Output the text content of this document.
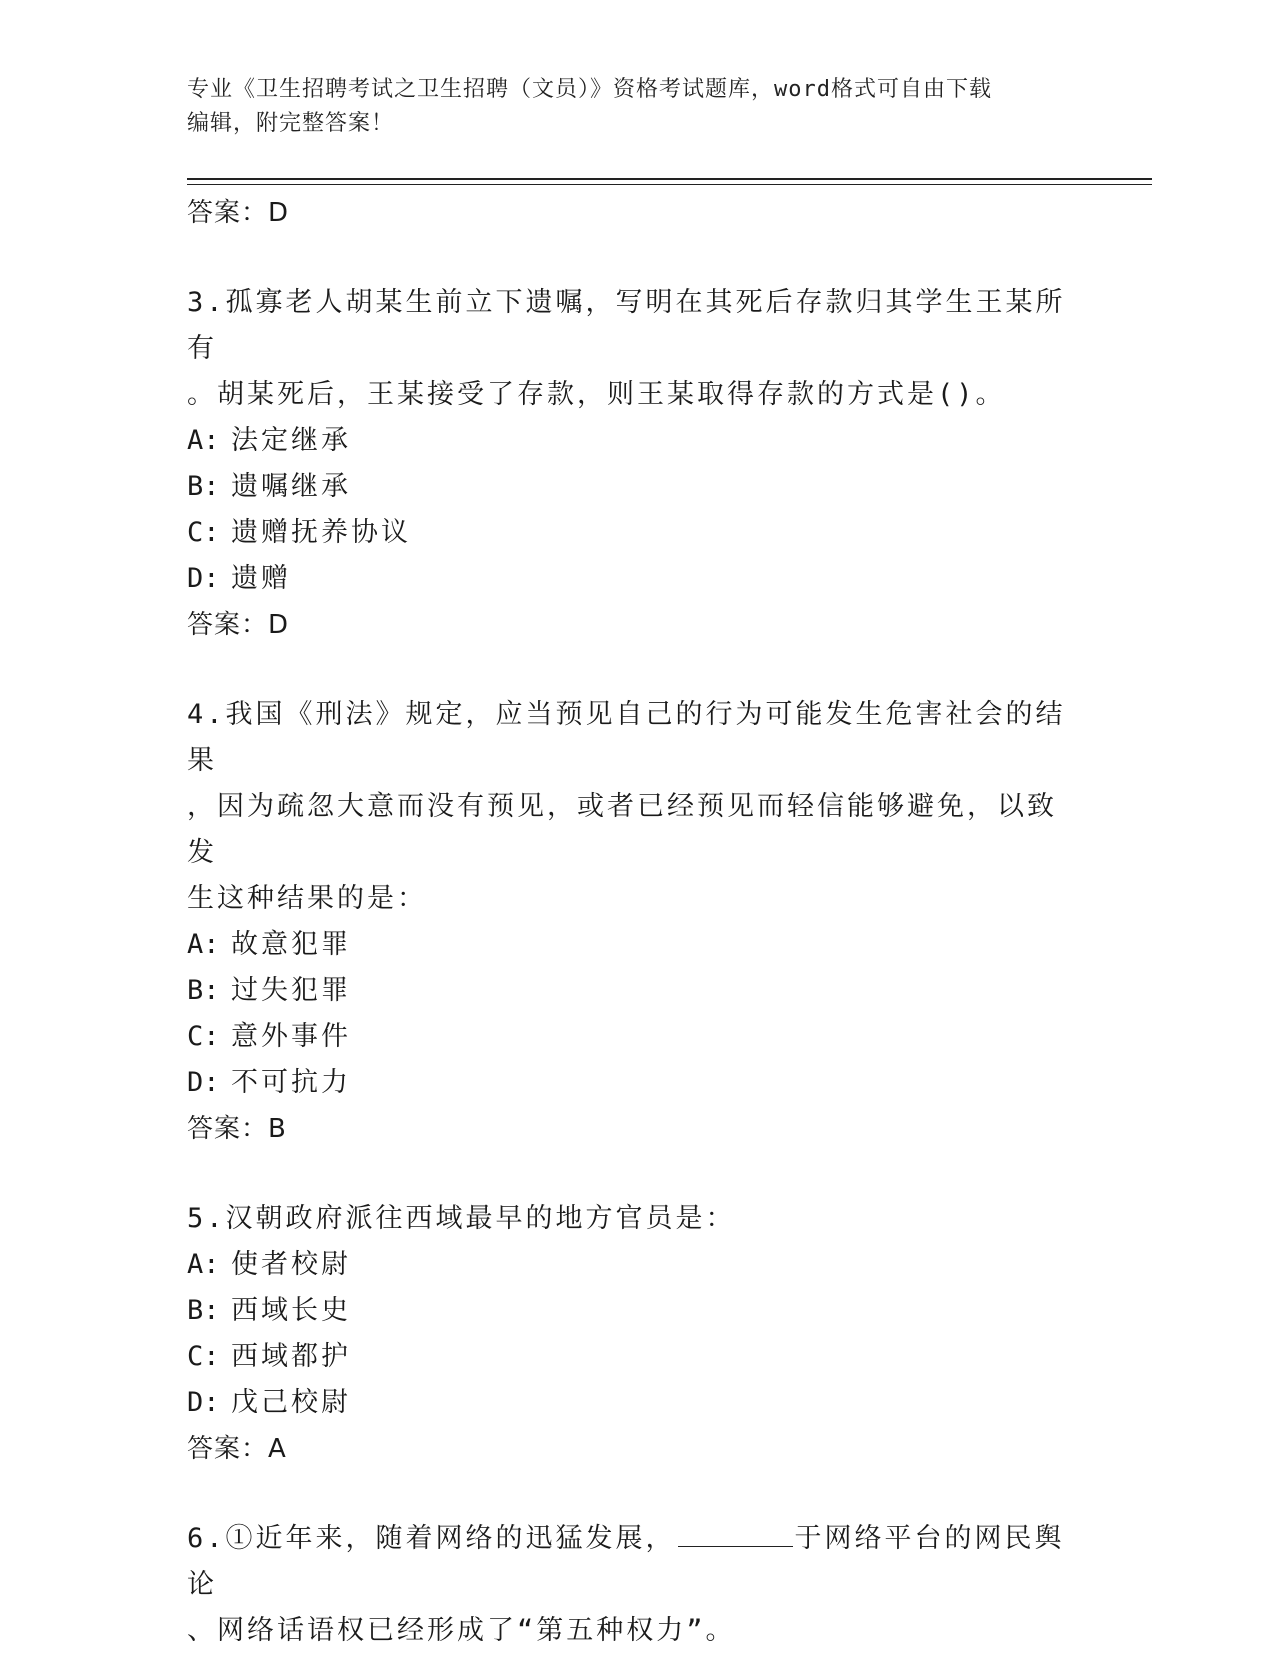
专业《卫生招聘考试之卫生招聘（文员）》资格考试题库，word格式可自由下载
编辑，附完整答案！

答案：D

3.孤寡老人胡某生前立下遗嘱，写明在其死后存款归其学生王某所有
。胡某死后，王某接受了存款，则王某取得存款的方式是()。

A: 法定继承

B: 遗嘱继承

C: 遗赠抚养协议

D: 遗赠

答案：D

4.我国《刑法》规定，应当预见自己的行为可能发生危害社会的结果
，因为疏忽大意而没有预见，或者已经预见而轻信能够避免，以致发
生这种结果的是：

A: 故意犯罪

B: 过失犯罪

C: 意外事件

D: 不可抗力

答案：B

5.汉朝政府派往西域最早的地方官员是：

A: 使者校尉

B: 西域长史

C: 西域都护

D: 戊己校尉

答案：A

6.①近年来，随着网络的迅猛发展，	于网络平台的网民舆论
、网络话语权已经形成了“第五种权力”。
